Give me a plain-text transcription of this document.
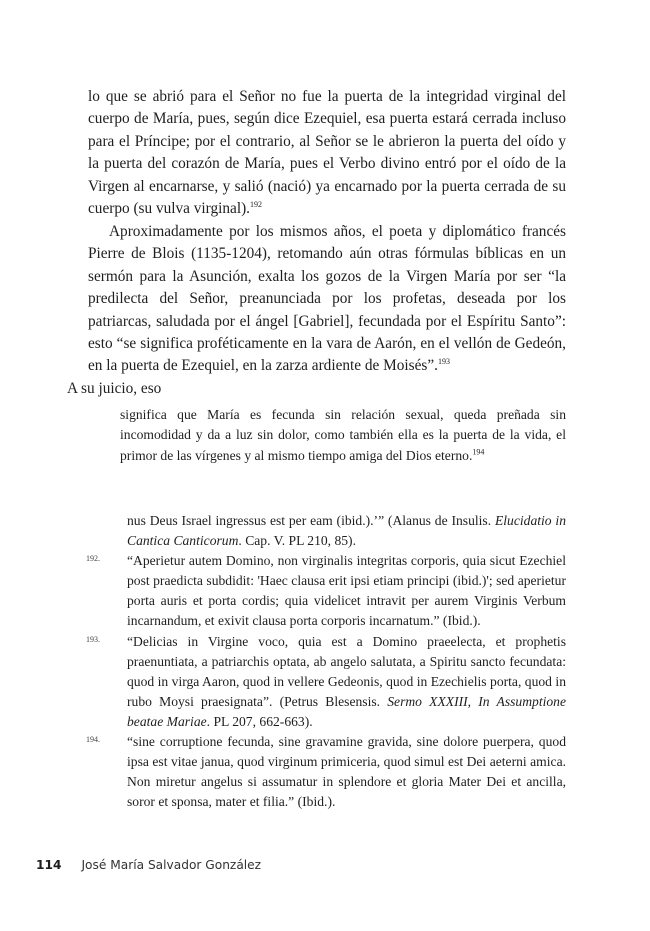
lo que se abrió para el Señor no fue la puerta de la integridad virginal del cuerpo de María, pues, según dice Ezequiel, esa puerta estará cerrada incluso para el Príncipe; por el contrario, al Señor se le abrieron la puerta del oído y la puerta del corazón de María, pues el Verbo divino entró por el oído de la Virgen al encarnarse, y salió (nació) ya encarnado por la puerta cerrada de su cuerpo (su vulva virginal).$^{192}$

Aproximadamente por los mismos años, el poeta y diplomático francés Pierre de Blois (1135-1204), retomando aún otras fórmulas bíblicas en un sermón para la Asunción, exalta los gozos de la Virgen María por ser “la predilecta del Señor, preanunciada por los profetas, deseada por los patriarcas, saludada por el ángel [Gabriel], fecundada por el Espíritu Santo”: esto “se significa proféticamente en la vara de Aarón, en el vellón de Gedeón, en la puerta de Ezequiel, en la zarza ardiente de Moisés”.$^{193}$
A su juicio, eso

significa que María es fecunda sin relación sexual, queda preñada sin incomodidad y da a luz sin dolor, como también ella es la puerta de la vida, el primor de las vírgenes y al mismo tiempo amiga del Dios eterno.$^{194}$

nus Deus Israel ingressus est per eam (ibid.).’” (Alanus de Insulis. Elucidatio in Cantica Canticorum. Cap. V. PL 210, 85).

192. “Aperietur autem Domino, non virginalis integritas corporis, quia sicut Ezechiel post praedicta subdidit: 'Haec clausa erit ipsi etiam principi (ibid.)'; sed aperietur porta auris et porta cordis; quia videlicet intravit per aurem Virginis Verbum incarnandum, et exivit clausa porta corporis incarnatum.” (Ibid.).

193. “Delicias in Virgine voco, quia est a Domino praeelecta, et prophetis praenuntiata, a patriarchis optata, ab angelo salutata, a Spiritu sancto fecundata: quod in virga Aaron, quod in vellere Gedeonis, quod in Ezechielis porta, quod in rubo Moysi praesignata”. (Petrus Blesensis. Sermo XXXIII, In Assumptione beatae Mariae. PL 207, 662-663).

194. “sine corruptione fecunda, sine gravamine gravida, sine dolore puerpera, quod ipsa est vitae janua, quod virginum primiceria, quod simul est Dei aeterni amica. Non miretur angelus si assumatur in splendore et gloria Mater Dei et ancilla, soror et sponsa, mater et filia.” (Ibid.).

114 José María Salvador González
